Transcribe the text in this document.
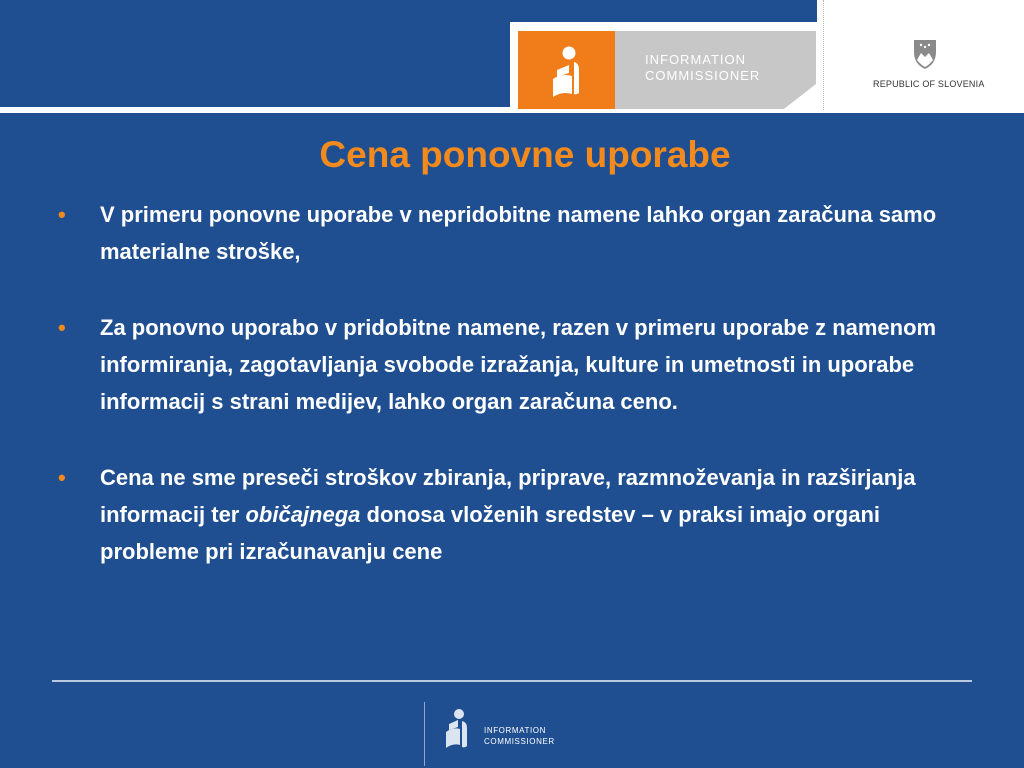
INFORMATION
COMMISSIONER
REPUBLIC OF SLOVENIA
Cena ponovne uporabe
• V primeru ponovne uporabe v nepridobitne namene lahko organ zaračuna samo materialne stroške,
• Za ponovno uporabo v pridobitne namene, razen v primeru uporabe z namenom informiranja, zagotavljanja svobode izražanja, kulture in umetnosti in uporabe informacij s strani medijev, lahko organ zaračuna ceno.
• Cena ne sme preseči stroškov zbiranja, priprave, razmnoževanja in razširjanja informacij ter običajnega donosa vloženih sredstev – v praksi imajo organi probleme pri izračunavanju cene
INFORMATION
COMMISSIONER
